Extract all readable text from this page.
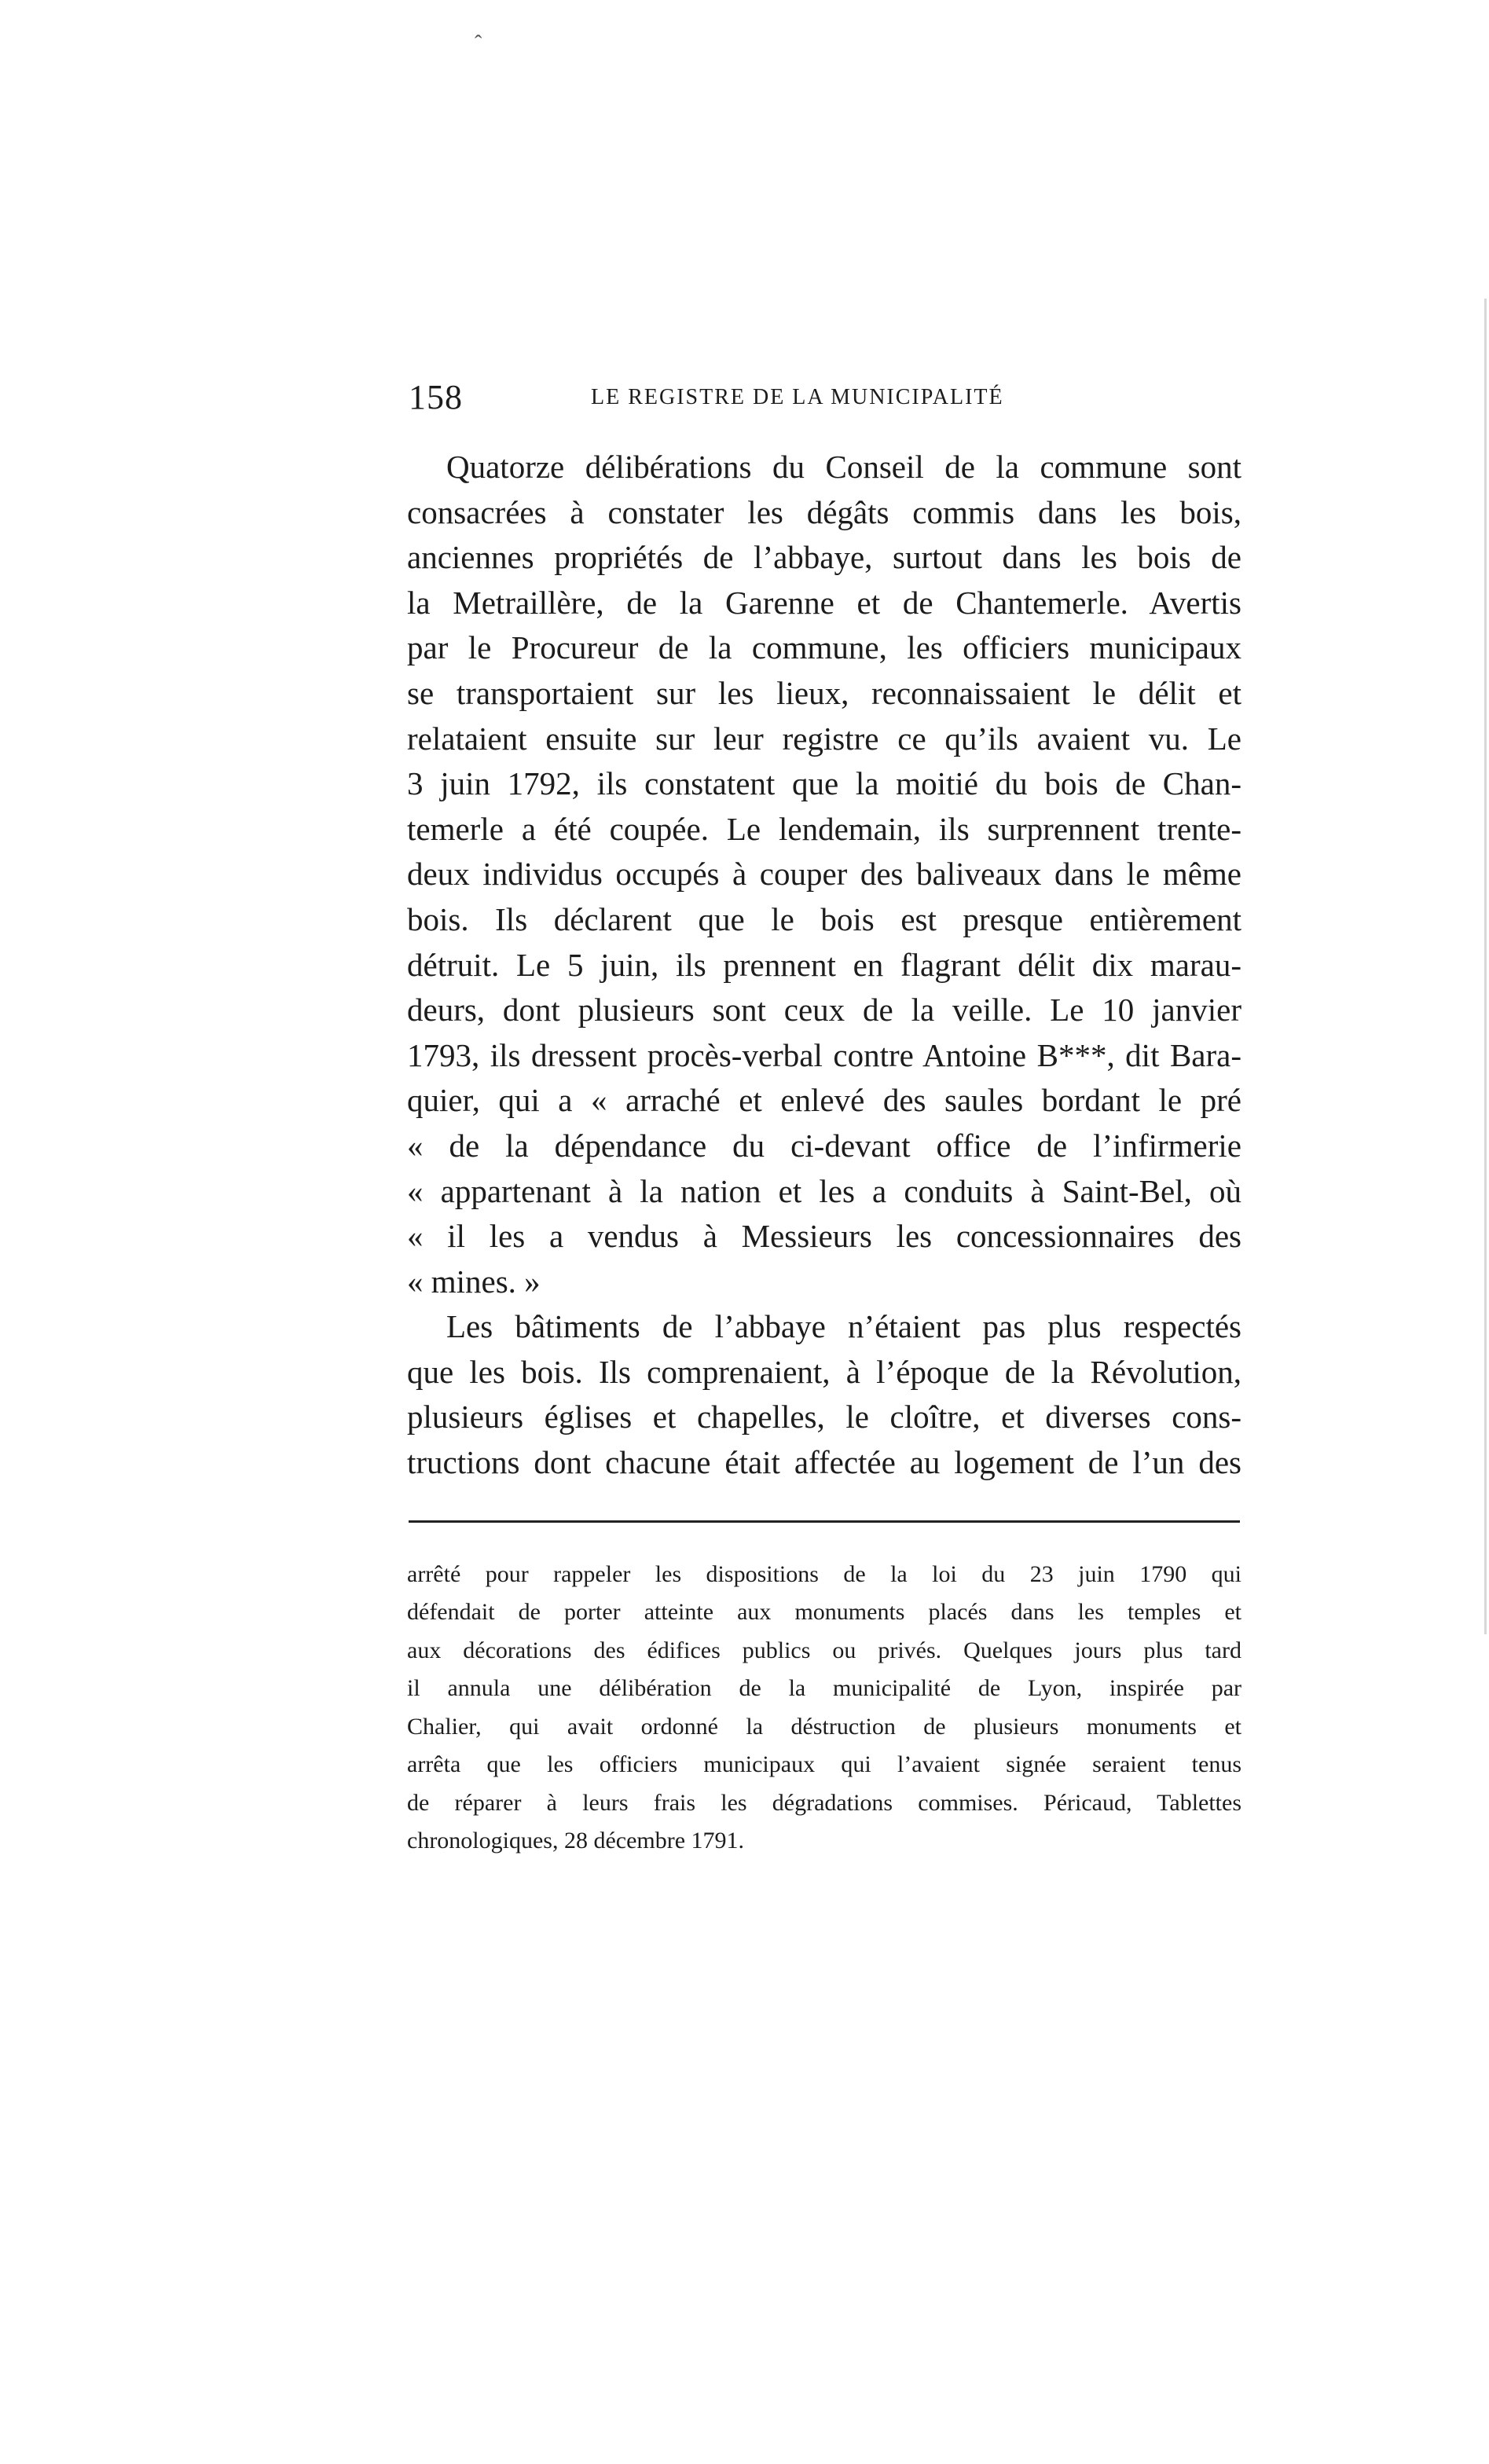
ˆ
158	LE REGISTRE DE LA MUNICIPALITÉ
Quatorze délibérations du Conseil de la commune sont
consacrées à constater les dégâts commis dans les bois,
anciennes propriétés de l’abbaye, surtout dans les bois de
la Metraillère, de la Garenne et de Chantemerle. Avertis
par le Procureur de la commune, les officiers municipaux
se transportaient sur les lieux, reconnaissaient le délit et
relataient ensuite sur leur registre ce qu’ils avaient vu. Le
3 juin 1792, ils constatent que la moitié du bois de Chan-
temerle a été coupée. Le lendemain, ils surprennent trente-
deux individus occupés à couper des baliveaux dans le même
bois. Ils déclarent que le bois est presque entièrement
détruit. Le 5 juin, ils prennent en flagrant délit dix marau-
deurs, dont plusieurs sont ceux de la veille. Le 10 janvier
1793, ils dressent procès-verbal contre Antoine B***, dit Bara-
quier, qui a « arraché et enlevé des saules bordant le pré
« de la dépendance du ci-devant office de l’infirmerie
« appartenant à la nation et les a conduits à Saint-Bel, où
« il les a vendus à Messieurs les concessionnaires des
« mines. »
Les bâtiments de l’abbaye n’étaient pas plus respectés
que les bois. Ils comprenaient, à l’époque de la Révolution,
plusieurs églises et chapelles, le cloître, et diverses cons-
tructions dont chacune était affectée au logement de l’un des
arrêté pour rappeler les dispositions de la loi du 23 juin 1790 qui
défendait de porter atteinte aux monuments placés dans les temples et
aux décorations des édifices publics ou privés. Quelques jours plus tard
il annula une délibération de la municipalité de Lyon, inspirée par
Chalier, qui avait ordonné la déstruction de plusieurs monuments et
arrêta que les officiers municipaux qui l’avaient signée seraient tenus
de réparer à leurs frais les dégradations commises. Péricaud, Tablettes
chronologiques, 28 décembre 1791.
